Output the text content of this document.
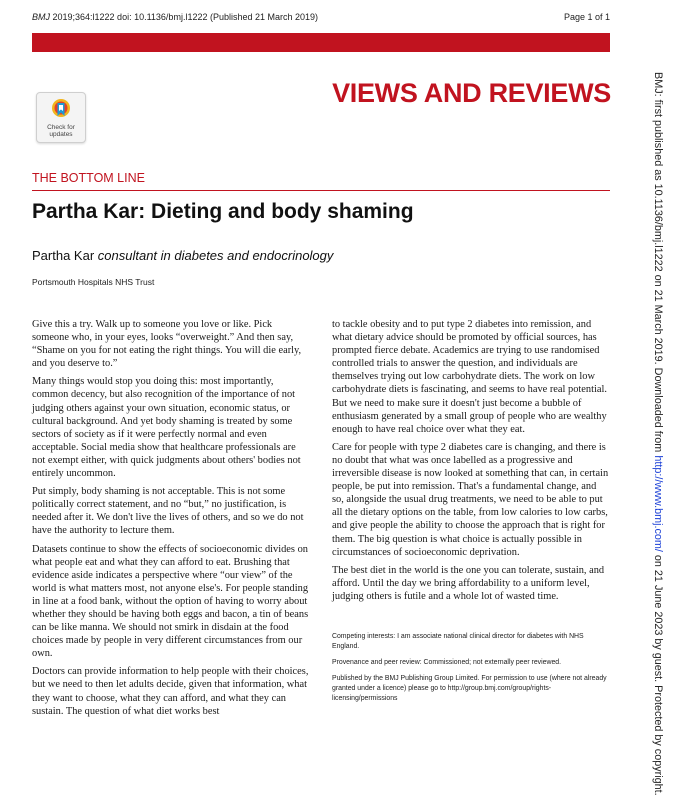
BMJ 2019;364:l1222 doi: 10.1136/bmj.l1222 (Published 21 March 2019)	Page 1 of 1
VIEWS AND REVIEWS
Check for
updates
THE BOTTOM LINE
Partha Kar: Dieting and body shaming
Partha Kar consultant in diabetes and endocrinology
Portsmouth Hospitals NHS Trust

Give this a try. Walk up to someone you love or like. Pick someone who, in your eyes, looks “overweight.” And then say, “Shame on you for not eating the right things. You will die early, and you deserve to.”

Many things would stop you doing this: most importantly, common decency, but also recognition of the importance of not judging others against your own situation, economic status, or cultural background. And yet body shaming is treated by some sectors of society as if it were perfectly normal and even acceptable. Social media show that healthcare professionals are not exempt either, with quick judgments about others' bodies not entirely uncommon.

Put simply, body shaming is not acceptable. This is not some politically correct statement, and no “but,” no justification, is needed after it. We don't live the lives of others, and so we do not have the authority to lecture them.

Datasets continue to show the effects of socioeconomic divides on what people eat and what they can afford to eat. Brushing that evidence aside indicates a perspective where “our view” of the world is what matters most, not anyone else's. For people standing in line at a food bank, without the option of having to worry about whether they should be having both eggs and bacon, a tin of beans can be like manna. We should not smirk in disdain at the food choices made by people in very different circumstances from our own.

Doctors can provide information to help people with their choices, but we need to then let adults decide, given that information, what they want to choose, what they can afford, and what they can sustain. The question of what diet works best

to tackle obesity and to put type 2 diabetes into remission, and what dietary advice should be promoted by official sources, has prompted fierce debate. Academics are trying to use randomised controlled trials to answer the question, and individuals are themselves trying out low carbohydrate diets. The work on low carbohydrate diets is fascinating, and seems to have real potential. But we need to make sure it doesn't just become a bubble of enthusiasm generated by a small group of people who are wealthy enough to have real choice over what they eat.

Care for people with type 2 diabetes care is changing, and there is no doubt that what was once labelled as a progressive and irreversible disease is now looked at something that can, in certain people, be put into remission. That's a fundamental change, and so, alongside the usual drug treatments, we need to be able to put all the dietary options on the table, from low calories to low carbs, and give people the ability to choose the approach that is right for them. The big question is what choice is actually possible in circumstances of socioeconomic deprivation.

The best diet in the world is the one you can tolerate, sustain, and afford. Until the day we bring affordability to a uniform level, judging others is futile and a whole lot of wasted time.

Competing interests: I am associate national clinical director for diabetes with NHS England.

Provenance and peer review: Commissioned; not externally peer reviewed.

Published by the BMJ Publishing Group Limited. For permission to use (where not already granted under a licence) please go to http://group.bmj.com/group/rights-licensing/permissions

BMJ: first published as 10.1136/bmj.l1222 on 21 March 2019. Downloaded from http://www.bmj.com/ on 21 June 2023 by guest. Protected by copyright.
